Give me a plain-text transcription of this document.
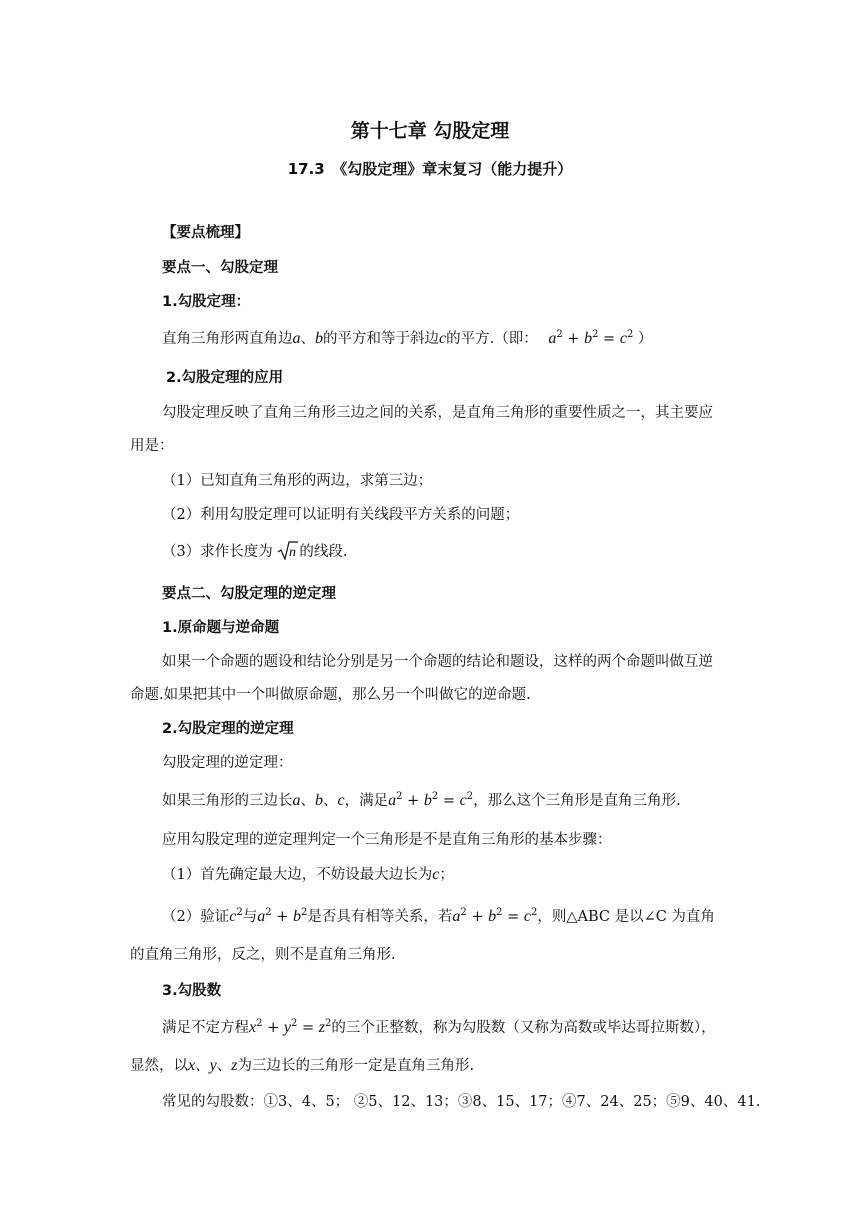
第十七章 勾股定理
17.3　《勾股定理》章末复习（能力提升）
【要点梳理】
要点一、勾股定理
1.勾股定理：
直角三角形两直角边a、b的平方和等于斜边c的平方.（即： $a^2 + b^2 = c^2$ ）
2.勾股定理的应用
勾股定理反映了直角三角形三边之间的关系，是直角三角形的重要性质之一，其主要应
用是：
（1）已知直角三角形的两边，求第三边；
（2）利用勾股定理可以证明有关线段平方关系的问题；
（3）求作长度为 n 的线段.
要点二、勾股定理的逆定理
1.原命题与逆命题
如果一个命题的题设和结论分别是另一个命题的结论和题设，这样的两个命题叫做互逆
命题.如果把其中一个叫做原命题，那么另一个叫做它的逆命题.
2.勾股定理的逆定理
勾股定理的逆定理：
如果三角形的三边长a、b、c，满足$a^2 + b^2 = c^2$，那么这个三角形是直角三角形.
应用勾股定理的逆定理判定一个三角形是不是直角三角形的基本步骤：
（1）首先确定最大边，不妨设最大边长为c；
（2）验证$c^2$与$a^2 + b^2$是否具有相等关系，若$a^2 + b^2 = c^2$，则△ABC 是以∠C 为直角
的直角三角形，反之，则不是直角三角形.
3.勾股数
满足不定方程$x^2 + y^2 = z^2$的三个正整数，称为勾股数（又称为高数或毕达哥拉斯数），
显然，以x、y、z为三边长的三角形一定是直角三角形.
常见的勾股数：①3、4、5； ②5、12、13；③8、15、17；④7、24、25；⑤9、40、41.
